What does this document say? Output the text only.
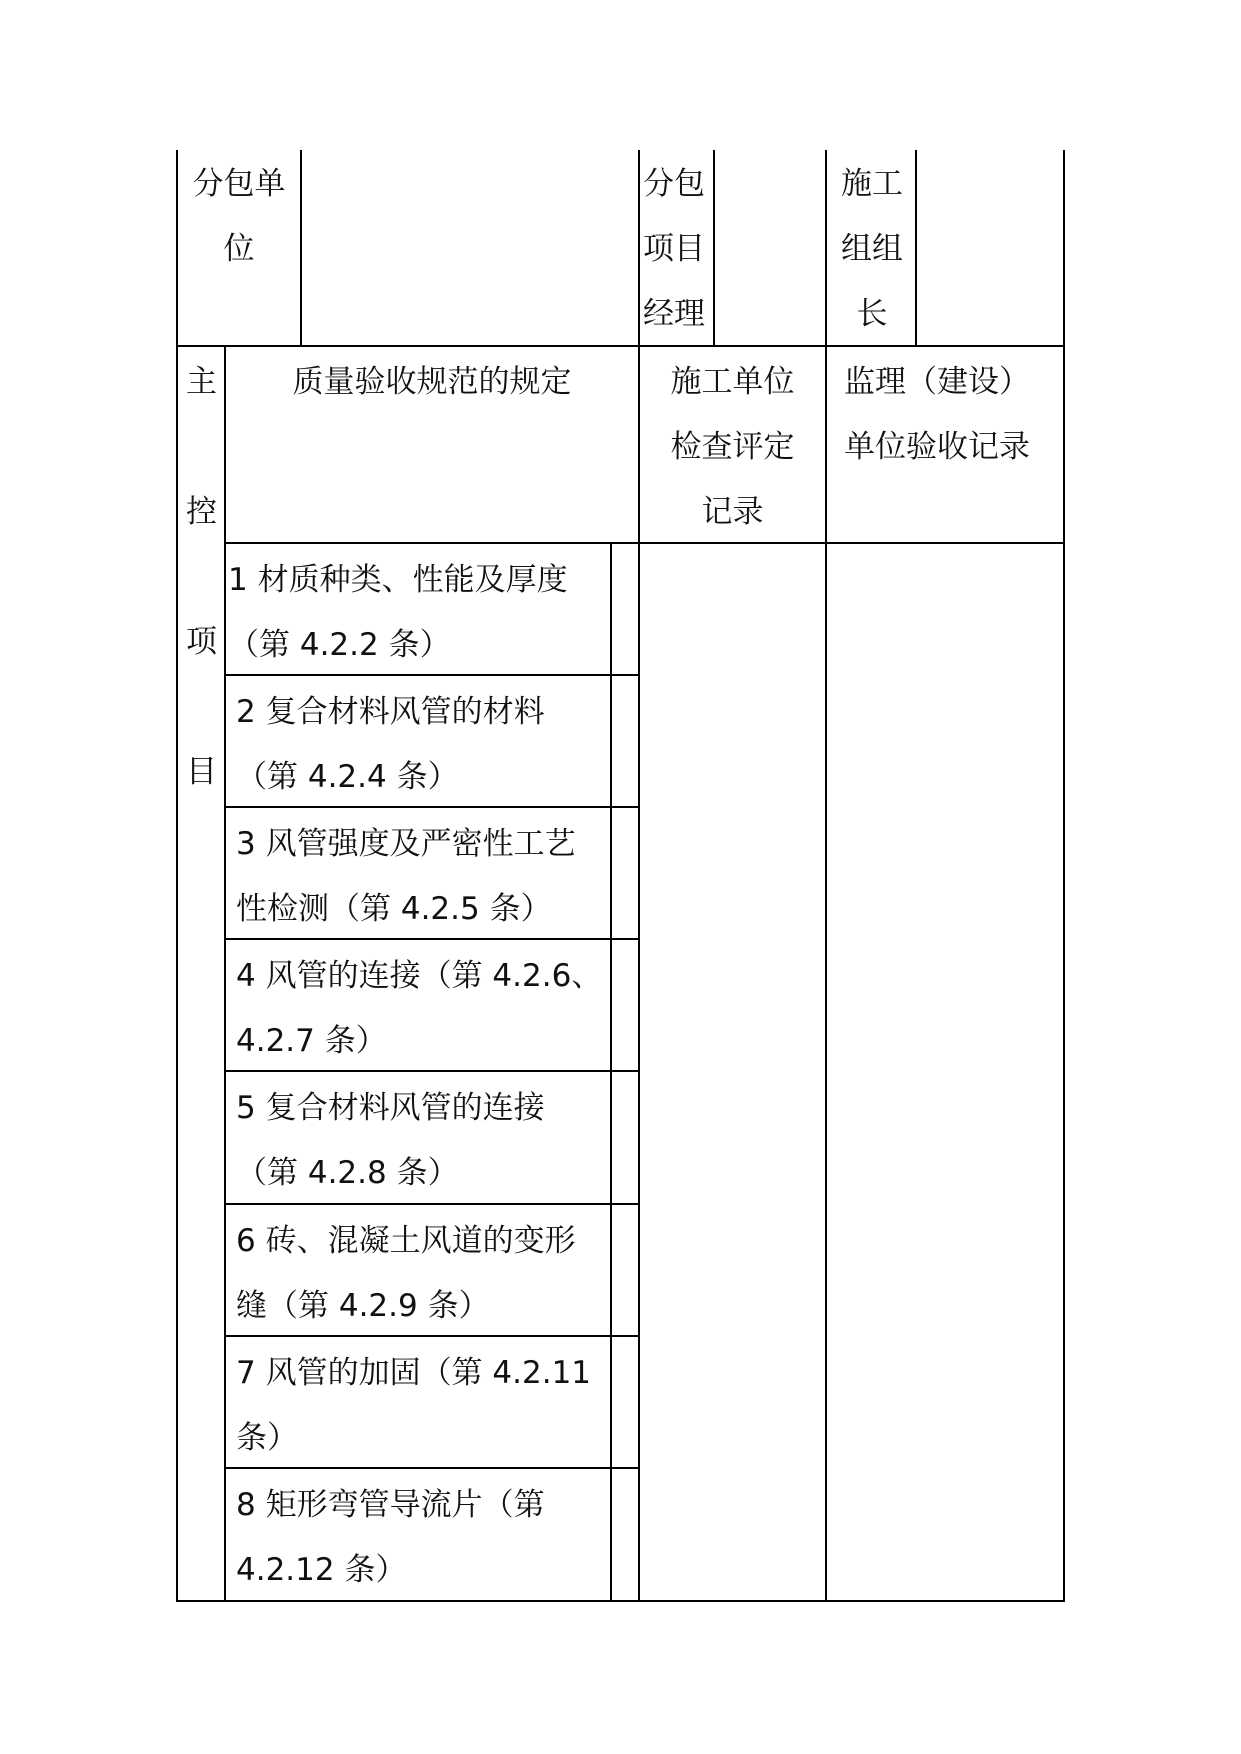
分包单
位
分包
项目
经理
施工
组组
长
主

控

项

目
质量验收规范的规定	施工单位
检查评定
记录
监理（建设）
单位验收记录
1 材质种类、性能及厚度
（第 4.2.2 条）
2 复合材料风管的材料
（第 4.2.4 条）
3 风管强度及严密性工艺
性检测（第 4.2.5 条）
4 风管的连接（第 4.2.6、
4.2.7 条）
5 复合材料风管的连接
（第 4.2.8 条）
6 砖、混凝土风道的变形
缝（第 4.2.9 条）
7 风管的加固（第 4.2.11
条）
8 矩形弯管导流片（第
4.2.12 条）
